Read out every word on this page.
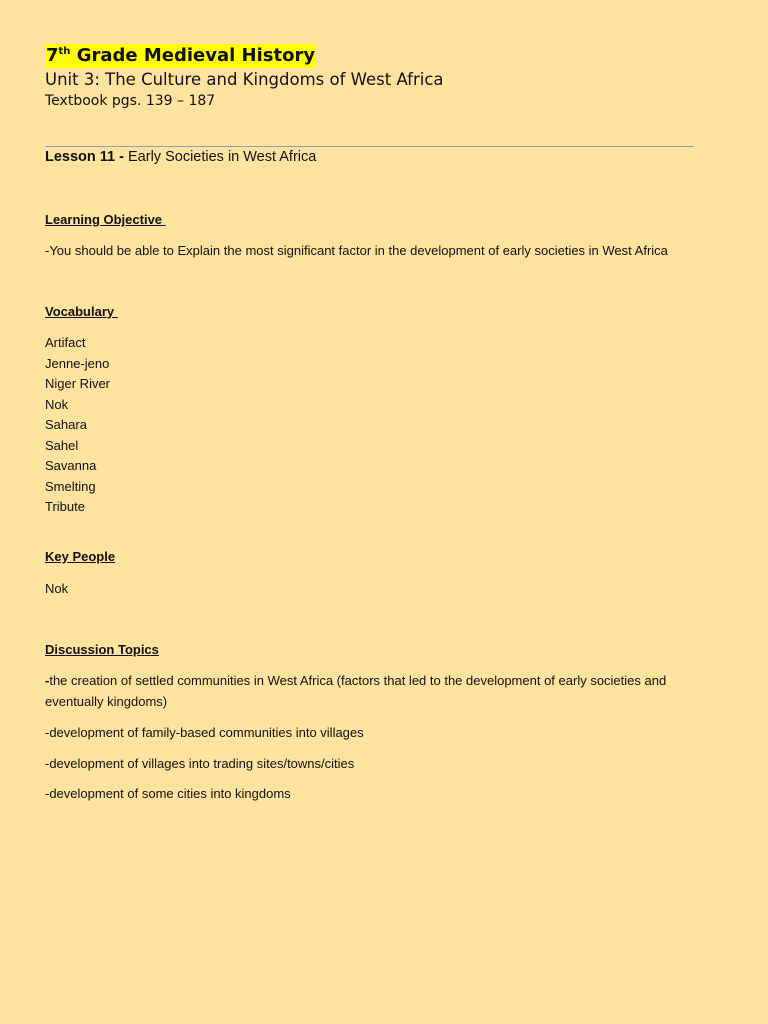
7th Grade Medieval History
Unit 3: The Culture and Kingdoms of West Africa
Textbook pgs. 139 – 187
Lesson 11 - Early Societies in West Africa
Learning Objective
-You should be able to Explain the most significant factor in the development of early societies in West Africa
Vocabulary
Artifact
Jenne-jeno
Niger River
Nok
Sahara
Sahel
Savanna
Smelting
Tribute
Key People
Nok
Discussion Topics
-the creation of settled communities in West Africa (factors that led to the development of early societies and eventually kingdoms)
-development of family-based communities into villages
-development of villages into trading sites/towns/cities
-development of some cities into kingdoms
